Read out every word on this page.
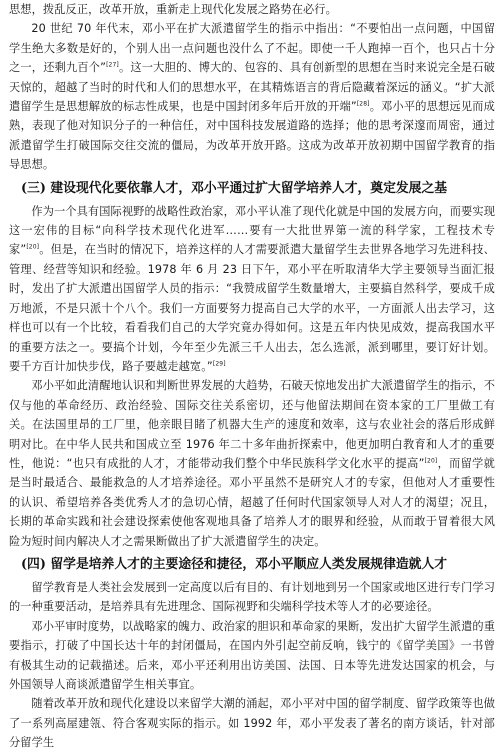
思想，拨乱反正，改革开放，重新走上现代化发展之路势在必行。

20 世纪 70 年代末，邓小平在扩大派遣留学生的指示中指出：“不要怕出一点问题，中国留学生绝大多数是好的，个别人出一点问题也没什么了不起。即使一千人跑掉一百个，也只占十分之一，还剩九百个”[27]。这一大胆的、博大的、包容的、具有创新型的思想在当时来说完全是石破天惊的，超越了当时的时代和人们的思想水平，在其精炼语言的背后隐藏着深远的涵义。“扩大派遣留学生是思想解放的标志性成果，也是中国封闭多年后开放的开端”[28]。邓小平的思想远见而成熟，表现了他对知识分子的一种信任，对中国科技发展道路的选择；他的思考深邃而周密，通过派遣留学生打破国际交往交流的僵局，为改革开放开路。这成为改革开放初期中国留学教育的指导思想。

(三) 建设现代化要依靠人才，邓小平通过扩大留学培养人才，奠定发展之基

作为一个具有国际视野的战略性政治家，邓小平认准了现代化就是中国的发展方向，而要实现这一宏伟的目标“向科学技术现代化进军……要有一大批世界第一流的科学家，工程技术专家”[20]。但是，在当时的情况下，培养这样的人才需要派遣大量留学生去世界各地学习先进科技、管理、经营等知识和经验。1978 年 6 月 23 日下午，邓小平在听取清华大学主要领导当面汇报时，发出了扩大派遣出国留学人员的指示：“我赞成留学生数量增大，主要搞自然科学，要成千成万地派，不是只派十个八个。我们一方面要努力提高自己大学的水平，一方面派人出去学习，这样也可以有一个比较，看看我们自己的大学究竟办得如何。这是五年内快见成效，提高我国水平的重要方法之一。要搞个计划，今年至少先派三千人出去，怎么选派，派到哪里，要订好计划。要千方百计加快步伐，路子要越走越宽。”[29]

邓小平如此清醒地认识和判断世界发展的大趋势，石破天惊地发出扩大派遣留学生的指示，不仅与他的革命经历、政治经验、国际交往关系密切，还与他留法期间在资本家的工厂里做工有关。在法国里昂的工厂里，他亲眼目睹了机器大生产的速度和效率，这与农业社会的落后形成鲜明对比。在中华人民共和国成立至 1976 年二十多年曲折探索中，他更加明白教育和人才的重要性，他说：“也只有成批的人才，才能带动我们整个中华民族科学文化水平的提高”[20]，而留学就是当时最适合、最能救急的人才培养途径。邓小平虽然不是研究人才的专家，但他对人才重要性的认识、希望培养各类优秀人才的急切心情，超越了任何时代国家领导人对人才的渴望；况且，长期的革命实践和社会建设探索使他客观地具备了培养人才的眼界和经验，从而敢于冒着很大风险为短时间内解决人才之需果断做出了扩大派遣留学生的决定。

(四) 留学是培养人才的主要途径和捷径，邓小平顺应人类发展规律造就人才

留学教育是人类社会发展到一定高度以后有目的、有计划地到另一个国家或地区进行专门学习的一种重要活动，是培养具有先进理念、国际视野和尖端科学技术等人才的必要途径。

邓小平审时度势，以战略家的魄力、政治家的胆识和革命家的果断，发出扩大留学生派遣的重要指示，打破了中国长达十年的封闭僵局，在国内外引起空前反响，钱宁的《留学美国》一书曾有极其生动的记载描述。后来，邓小平还利用出访美国、法国、日本等先进发达国家的机会，与外国领导人商谈派遣留学生相关事宜。

随着改革开放和现代化建设以来留学大潮的涌起，邓小平对中国的留学制度、留学政策等也做了一系列高屋建瓴、符合客观实际的指示。如 1992 年，邓小平发表了著名的南方谈话，针对部分留学生
